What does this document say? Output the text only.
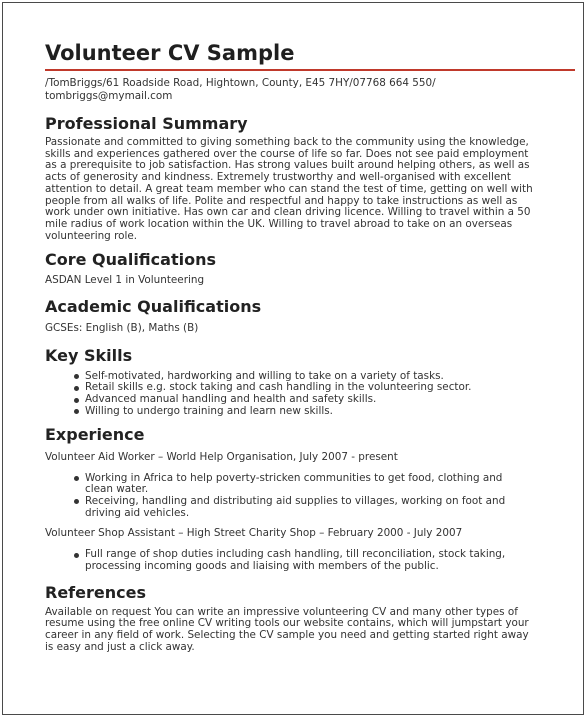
Volunteer CV Sample
/TomBriggs/61 Roadside Road, Hightown, County, E45 7HY/07768 664 550/
tombriggs@mymail.com
Professional Summary
Passionate and committed to giving something back to the community using the knowledge,
skills and experiences gathered over the course of life so far. Does not see paid employment
as a prerequisite to job satisfaction. Has strong values built around helping others, as well as
acts of generosity and kindness. Extremely trustworthy and well-organised with excellent
attention to detail. A great team member who can stand the test of time, getting on well with
people from all walks of life. Polite and respectful and happy to take instructions as well as
work under own initiative. Has own car and clean driving licence. Willing to travel within a 50
mile radius of work location within the UK. Willing to travel abroad to take on an overseas
volunteering role.
Core Qualifications
ASDAN Level 1 in Volunteering
Academic Qualifications
GCSEs: English (B), Maths (B)
Key Skills
Self-motivated, hardworking and willing to take on a variety of tasks.
Retail skills e.g. stock taking and cash handling in the volunteering sector.
Advanced manual handling and health and safety skills.
Willing to undergo training and learn new skills.
Experience
Volunteer Aid Worker – World Help Organisation, July 2007 - present
Working in Africa to help poverty-stricken communities to get food, clothing and
clean water.
Receiving, handling and distributing aid supplies to villages, working on foot and
driving aid vehicles.
Volunteer Shop Assistant – High Street Charity Shop – February 2000 - July 2007
Full range of shop duties including cash handling, till reconciliation, stock taking,
processing incoming goods and liaising with members of the public.
References
Available on request You can write an impressive volunteering CV and many other types of
resume using the free online CV writing tools our website contains, which will jumpstart your
career in any field of work. Selecting the CV sample you need and getting started right away
is easy and just a click away.
